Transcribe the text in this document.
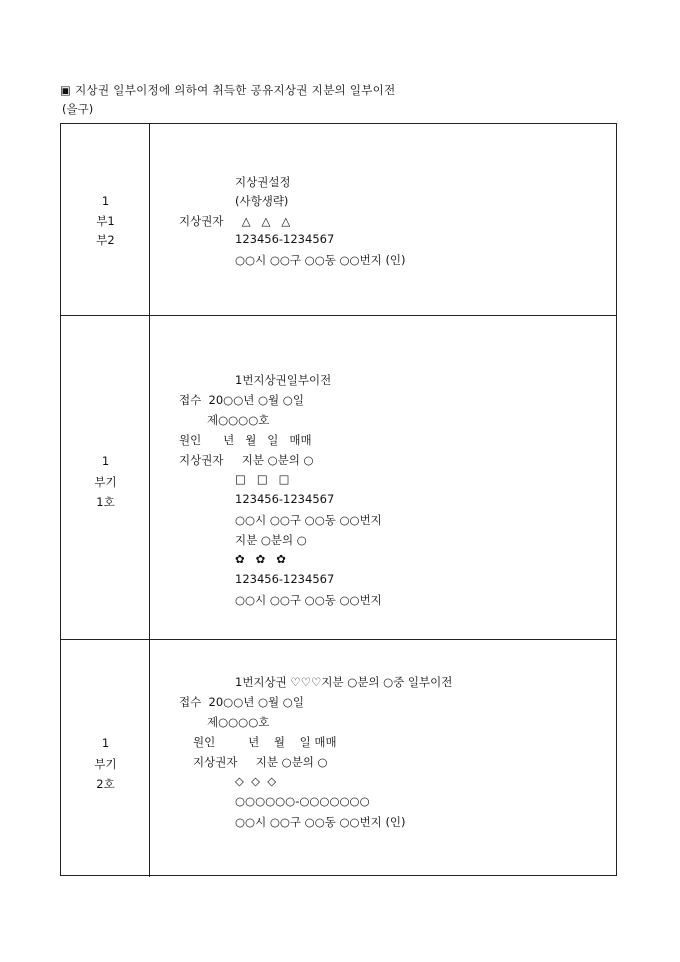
▣ 지상권 일부이정에 의하여 취득한 공유지상권 지분의 일부이전
(을구)
1
부1
부2
지상권설정
(사항생략)
지상권자     △   △   △
123456-1234567
○○시 ○○구 ○○동 ○○번지 (인)
1
부기
1호
1번지상권일부이전
접수  20○○년 ○월 ○일
제○○○○호
원인      년   월   일   매매
지상권자     지분 ○분의 ○
□   □   □
123456-1234567
○○시 ○○구 ○○동 ○○번지
지분 ○분의 ○
✿   ✿   ✿
123456-1234567
○○시 ○○구 ○○동 ○○번지
1
부기
2호
1번지상권 ♡♡♡지분 ○분의 ○중 일부이전
접수  20○○년 ○월 ○일
제○○○○호
원인         년    월    일 매매
지상권자     지분 ○분의 ○
◇  ◇  ◇
○○○○○○-○○○○○○○
○○시 ○○구 ○○동 ○○번지 (인)
